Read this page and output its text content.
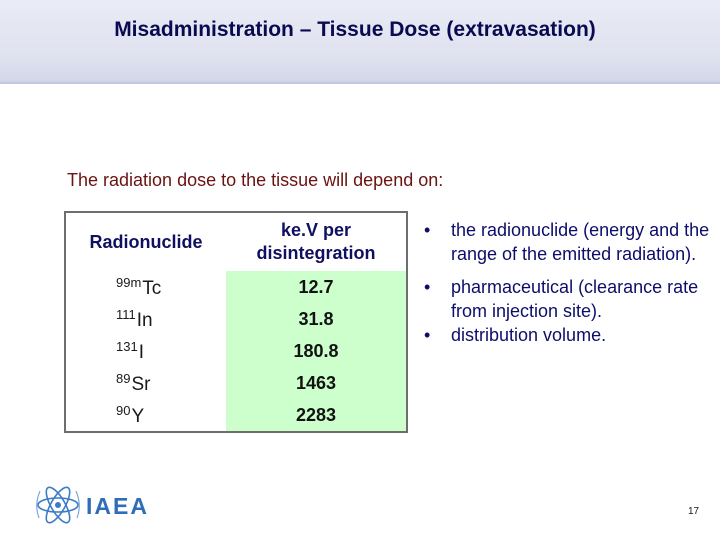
Misadministration – Tissue Dose (extravasation)
The radiation dose to the tissue will depend on:
Radionuclide	ke.V per disintegration
$^{99m}$Tc	12.7
$^{111}$In	31.8
$^{131}$I	180.8
$^{89}$Sr	1463
$^{90}$Y	2283
• the radionuclide (energy and the range of the emitted radiation).
• pharmaceutical (clearance rate from injection site).
• distribution volume.
IAEA	17
